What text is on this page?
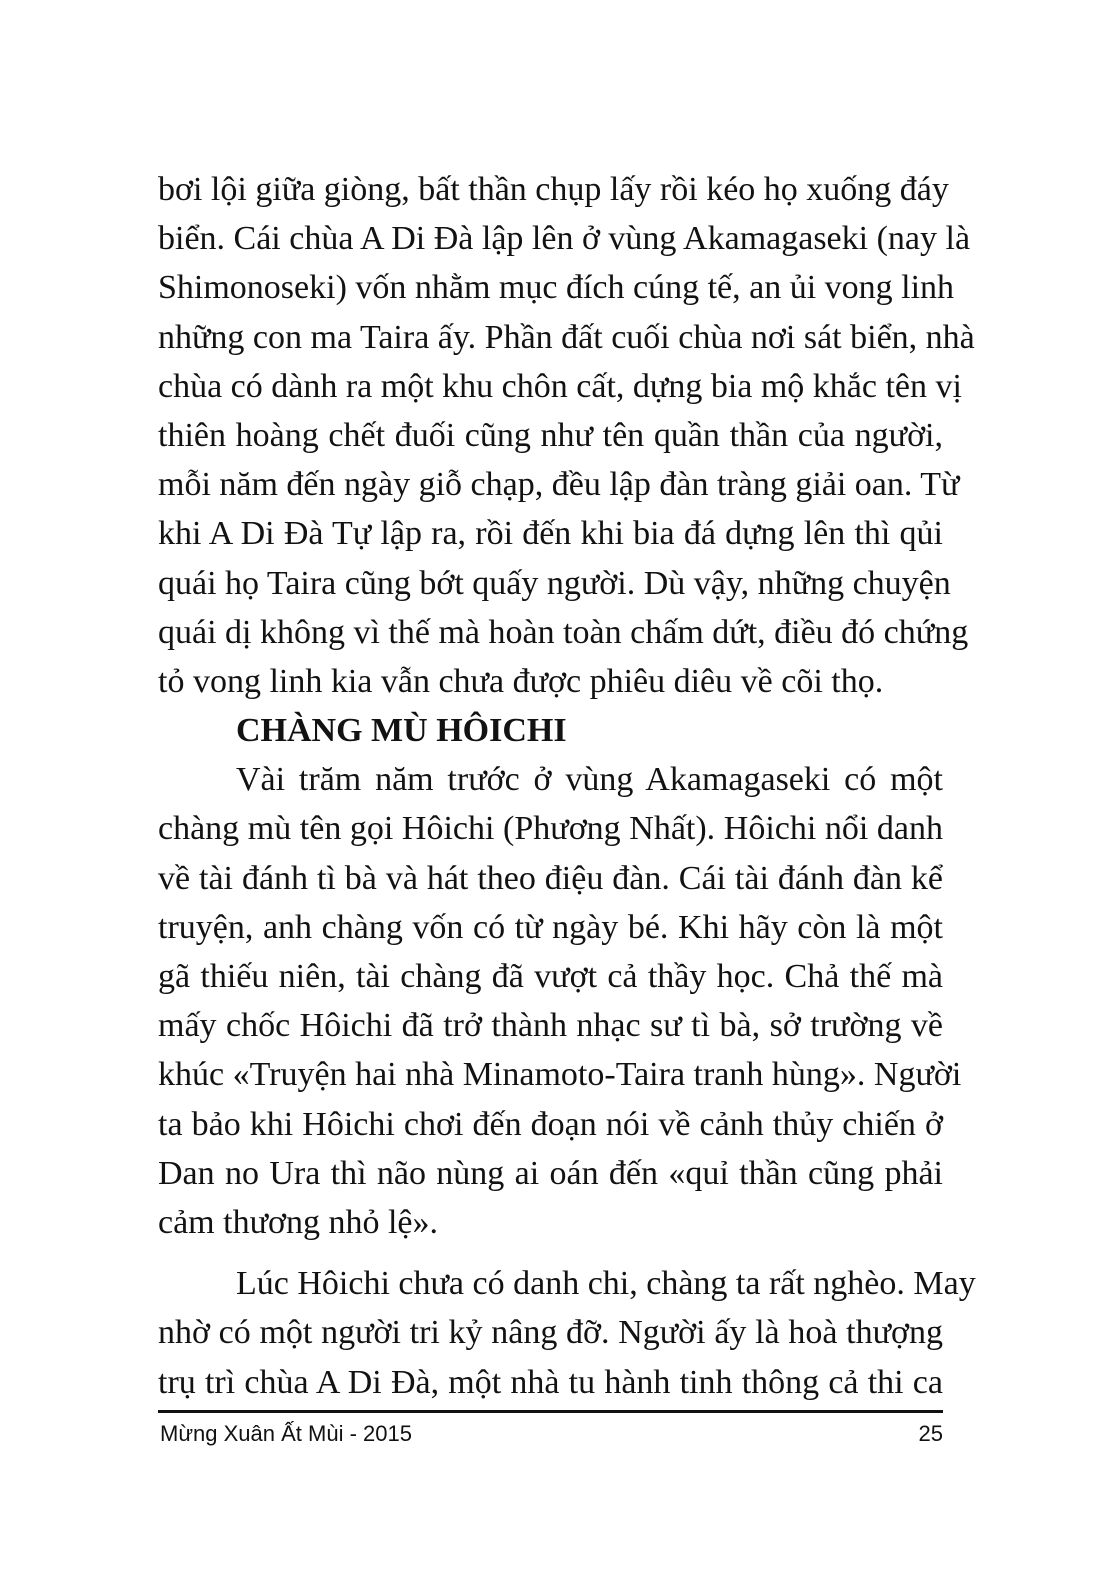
bơi lội giữa giòng, bất thần chụp lấy rồi kéo họ xuống đáy
biển. Cái chùa A Di Đà lập lên ở vùng Akamagaseki (nay là
Shimonoseki) vốn nhằm mục đích cúng tế, an ủi vong linh
những con ma Taira ấy. Phần đất cuối chùa nơi sát biển, nhà
chùa có dành ra một khu chôn cất, dựng bia mộ khắc tên vị
thiên hoàng chết đuối cũng như tên quần thần của người,
mỗi năm đến ngày giỗ chạp, đều lập đàn tràng giải oan. Từ
khi A Di Đà Tự lập ra, rồi đến khi bia đá dựng lên thì qủi
quái họ Taira cũng bớt quấy người. Dù vậy, những chuyện
quái dị không vì thế mà hoàn toàn chấm dứt, điều đó chứng
tỏ vong linh kia vẫn chưa được phiêu diêu về cõi thọ.
CHÀNG MÙ HÔICHI
Vài trăm năm trước ở vùng Akamagaseki có một
chàng mù tên gọi Hôichi (Phương Nhất). Hôichi nổi danh
về tài đánh tì bà và hát theo điệu đàn. Cái tài đánh đàn kể
truyện, anh chàng vốn có từ ngày bé. Khi hãy còn là một
gã thiếu niên, tài chàng đã vượt cả thầy học. Chả thế mà
mấy chốc Hôichi đã trở thành nhạc sư tì bà, sở trường về
khúc «Truyện hai nhà Minamoto-Taira tranh hùng». Người
ta bảo khi Hôichi chơi đến đoạn nói về cảnh thủy chiến ở
Dan no Ura thì não nùng ai oán đến «quỉ thần cũng phải
cảm thương nhỏ lệ».
Lúc Hôichi chưa có danh chi, chàng ta rất nghèo. May
nhờ có một người tri kỷ nâng đỡ. Người ấy là hoà thượng
trụ trì chùa A Di Đà, một nhà tu hành tinh thông cả thi ca
Mừng Xuân Ất Mùi - 2015	25
